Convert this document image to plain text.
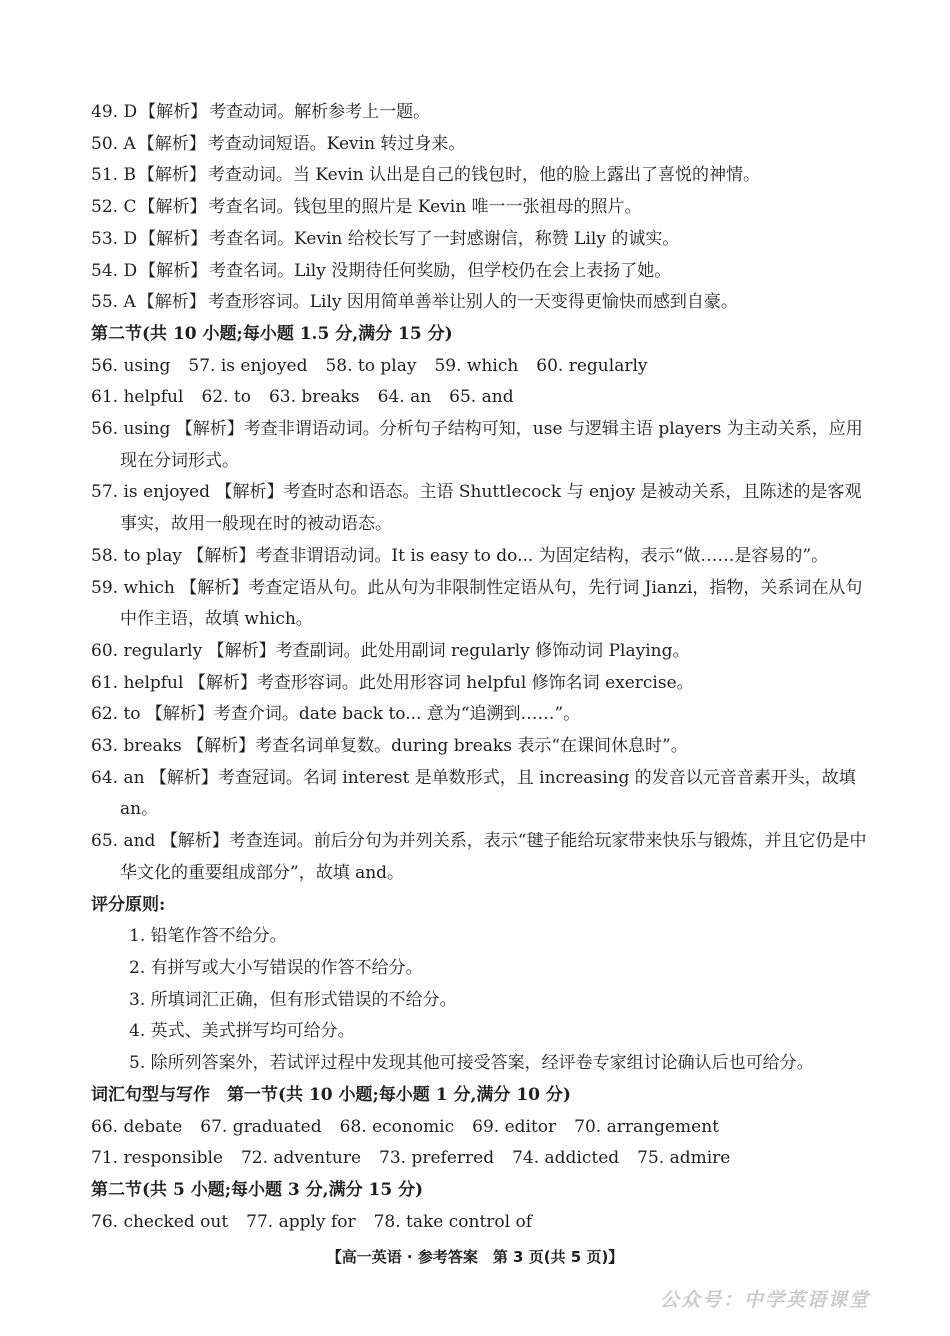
49. D 【解析】 考查动词。解析参考上一题。
50. A 【解析】 考查动词短语。Kevin 转过身来。
51. B 【解析】 考查动词。当 Kevin 认出是自己的钱包时，他的脸上露出了喜悦的神情。
52. C 【解析】 考查名词。钱包里的照片是 Kevin 唯一一张祖母的照片。
53. D 【解析】 考查名词。Kevin 给校长写了一封感谢信，称赞 Lily 的诚实。
54. D 【解析】 考查名词。Lily 没期待任何奖励，但学校仍在会上表扬了她。
55. A 【解析】 考查形容词。Lily 因用简单善举让别人的一天变得更愉快而感到自豪。
第二节(共 10 小题;每小题 1.5 分,满分 15 分)
56. using 57. is enjoyed 58. to play 59. which 60. regularly
61. helpful 62. to 63. breaks 64. an 65. and
56. using 【解析】考查非谓语动词。分析句子结构可知，use 与逻辑主语 players 为主动关系，应用现在分词形式。
57. is enjoyed 【解析】考查时态和语态。主语 Shuttlecock 与 enjoy 是被动关系，且陈述的是客观事实，故用一般现在时的被动语态。
58. to play 【解析】考查非谓语动词。It is easy to do... 为固定结构，表示“做……是容易的”。
59. which 【解析】考查定语从句。此从句为非限制性定语从句，先行词 Jianzi，指物，关系词在从句中作主语，故填 which。
60. regularly 【解析】考查副词。此处用副词 regularly 修饰动词 Playing。
61. helpful 【解析】考查形容词。此处用形容词 helpful 修饰名词 exercise。
62. to 【解析】考查介词。date back to... 意为“追溯到……”。
63. breaks 【解析】考查名词单复数。during breaks 表示“在课间休息时”。
64. an 【解析】考查冠词。名词 interest 是单数形式，且 increasing 的发音以元音音素开头，故填 an。
65. and 【解析】考查连词。前后分句为并列关系，表示“毽子能给玩家带来快乐与锻炼，并且它仍是中华文化的重要组成部分”，故填 and。
评分原则:
1. 铅笔作答不给分。
2. 有拼写或大小写错误的作答不给分。
3. 所填词汇正确，但有形式错误的不给分。
4. 英式、美式拼写均可给分。
5. 除所列答案外，若试评过程中发现其他可接受答案，经评卷专家组讨论确认后也可给分。
词汇句型与写作　第一节(共 10 小题;每小题 1 分,满分 10 分)
66. debate 67. graduated 68. economic 69. editor 70. arrangement
71. responsible 72. adventure 73. preferred 74. addicted 75. admire
第二节(共 5 小题;每小题 3 分,满分 15 分)
76. checked out 77. apply for 78. take control of
【高一英语 · 参考答案　第 3 页(共 5 页)】
公众号：中学英语课堂
